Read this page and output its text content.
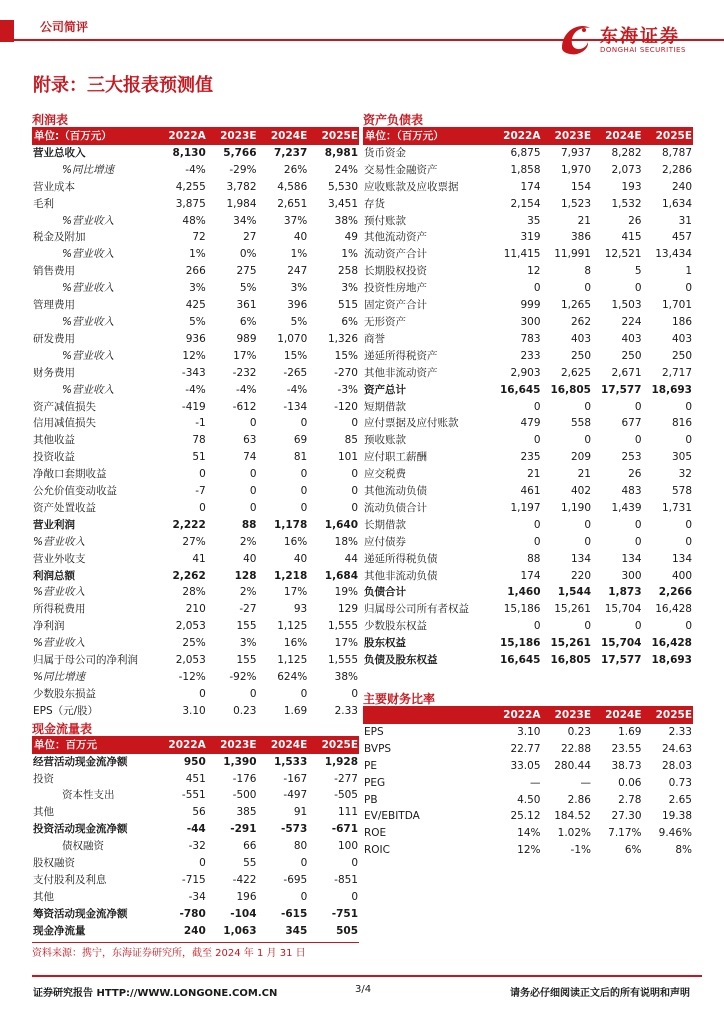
公司简评	东海证券
DONGHAI SECURITIES
附录：三大报表预测值
利润表
单位:（百万元）	2022A	2023E	2024E	2025E
营业总收入	8,130	5,766	7,237	8,981
%同比增速	-4%	-29%	26%	24%
营业成本	4,255	3,782	4,586	5,530
毛利	3,875	1,984	2,651	3,451
%营业收入	48%	34%	37%	38%
税金及附加	72	27	40	49
%营业收入	1%	0%	1%	1%
销售费用	266	275	247	258
%营业收入	3%	5%	3%	3%
管理费用	425	361	396	515
%营业收入	5%	6%	5%	6%
研发费用	936	989	1,070	1,326
%营业收入	12%	17%	15%	15%
财务费用	-343	-232	-265	-270
%营业收入	-4%	-4%	-4%	-3%
资产减值损失	-419	-612	-134	-120
信用减值损失	-1	0	0	0
其他收益	78	63	69	85
投资收益	51	74	81	101
净敞口套期收益	0	0	0	0
公允价值变动收益	-7	0	0	0
资产处置收益	0	0	0	0
营业利润	2,222	88	1,178	1,640
%营业收入	27%	2%	16%	18%
营业外收支	41	40	40	44
利润总额	2,262	128	1,218	1,684
%营业收入	28%	2%	17%	19%
所得税费用	210	-27	93	129
净利润	2,053	155	1,125	1,555
%营业收入	25%	3%	16%	17%
归属于母公司的净利润	2,053	155	1,125	1,555
%同比增速	-12%	-92%	624%	38%
少数股东损益	0	0	0	0
EPS（元/股）	3.10	0.23	1.69	2.33
现金流量表
单位：百万元	2022A	2023E	2024E	2025E
经营活动现金流净额	950	1,390	1,533	1,928
投资	451	-176	-167	-277
资本性支出	-551	-500	-497	-505
其他	56	385	91	111
投资活动现金流净额	-44	-291	-573	-671
债权融资	-32	66	80	100
股权融资	0	55	0	0
支付股利及利息	-715	-422	-695	-851
其他	-34	196	0	0
筹资活动现金流净额	-780	-104	-615	-751
现金净流量	240	1,063	345	505
资料来源：携宁，东海证券研究所，截至 2024 年 1 月 31 日
资产负债表
单位：（百万元）	2022A	2023E	2024E	2025E
货币资金	6,875	7,937	8,282	8,787
交易性金融资产	1,858	1,970	2,073	2,286
应收账款及应收票据	174	154	193	240
存货	2,154	1,523	1,532	1,634
预付账款	35	21	26	31
其他流动资产	319	386	415	457
流动资产合计	11,415	11,991	12,521	13,434
长期股权投资	12	8	5	1
投资性房地产	0	0	0	0
固定资产合计	999	1,265	1,503	1,701
无形资产	300	262	224	186
商誉	783	403	403	403
递延所得税资产	233	250	250	250
其他非流动资产	2,903	2,625	2,671	2,717
资产总计	16,645	16,805	17,577	18,693
短期借款	0	0	0	0
应付票据及应付账款	479	558	677	816
预收账款	0	0	0	0
应付职工薪酬	235	209	253	305
应交税费	21	21	26	32
其他流动负债	461	402	483	578
流动负债合计	1,197	1,190	1,439	1,731
长期借款	0	0	0	0
应付债券	0	0	0	0
递延所得税负债	88	134	134	134
其他非流动负债	174	220	300	400
负债合计	1,460	1,544	1,873	2,266
归属母公司所有者权益	15,186	15,261	15,704	16,428
少数股东权益	0	0	0	0
股东权益	15,186	15,261	15,704	16,428
负债及股东权益	16,645	16,805	17,577	18,693
主要财务比率
	2022A	2023E	2024E	2025E
EPS	3.10	0.23	1.69	2.33
BVPS	22.77	22.88	23.55	24.63
PE	33.05	280.44	38.73	28.03
PEG	—	—	0.06	0.73
PB	4.50	2.86	2.78	2.65
EV/EBITDA	25.12	184.52	27.30	19.38
ROE	14%	1.02%	7.17%	9.46%
ROIC	12%	-1%	6%	8%
证券研究报告 HTTP://WWW.LONGONE.COM.CN	3/4	请务必仔细阅读正文后的所有说明和声明
